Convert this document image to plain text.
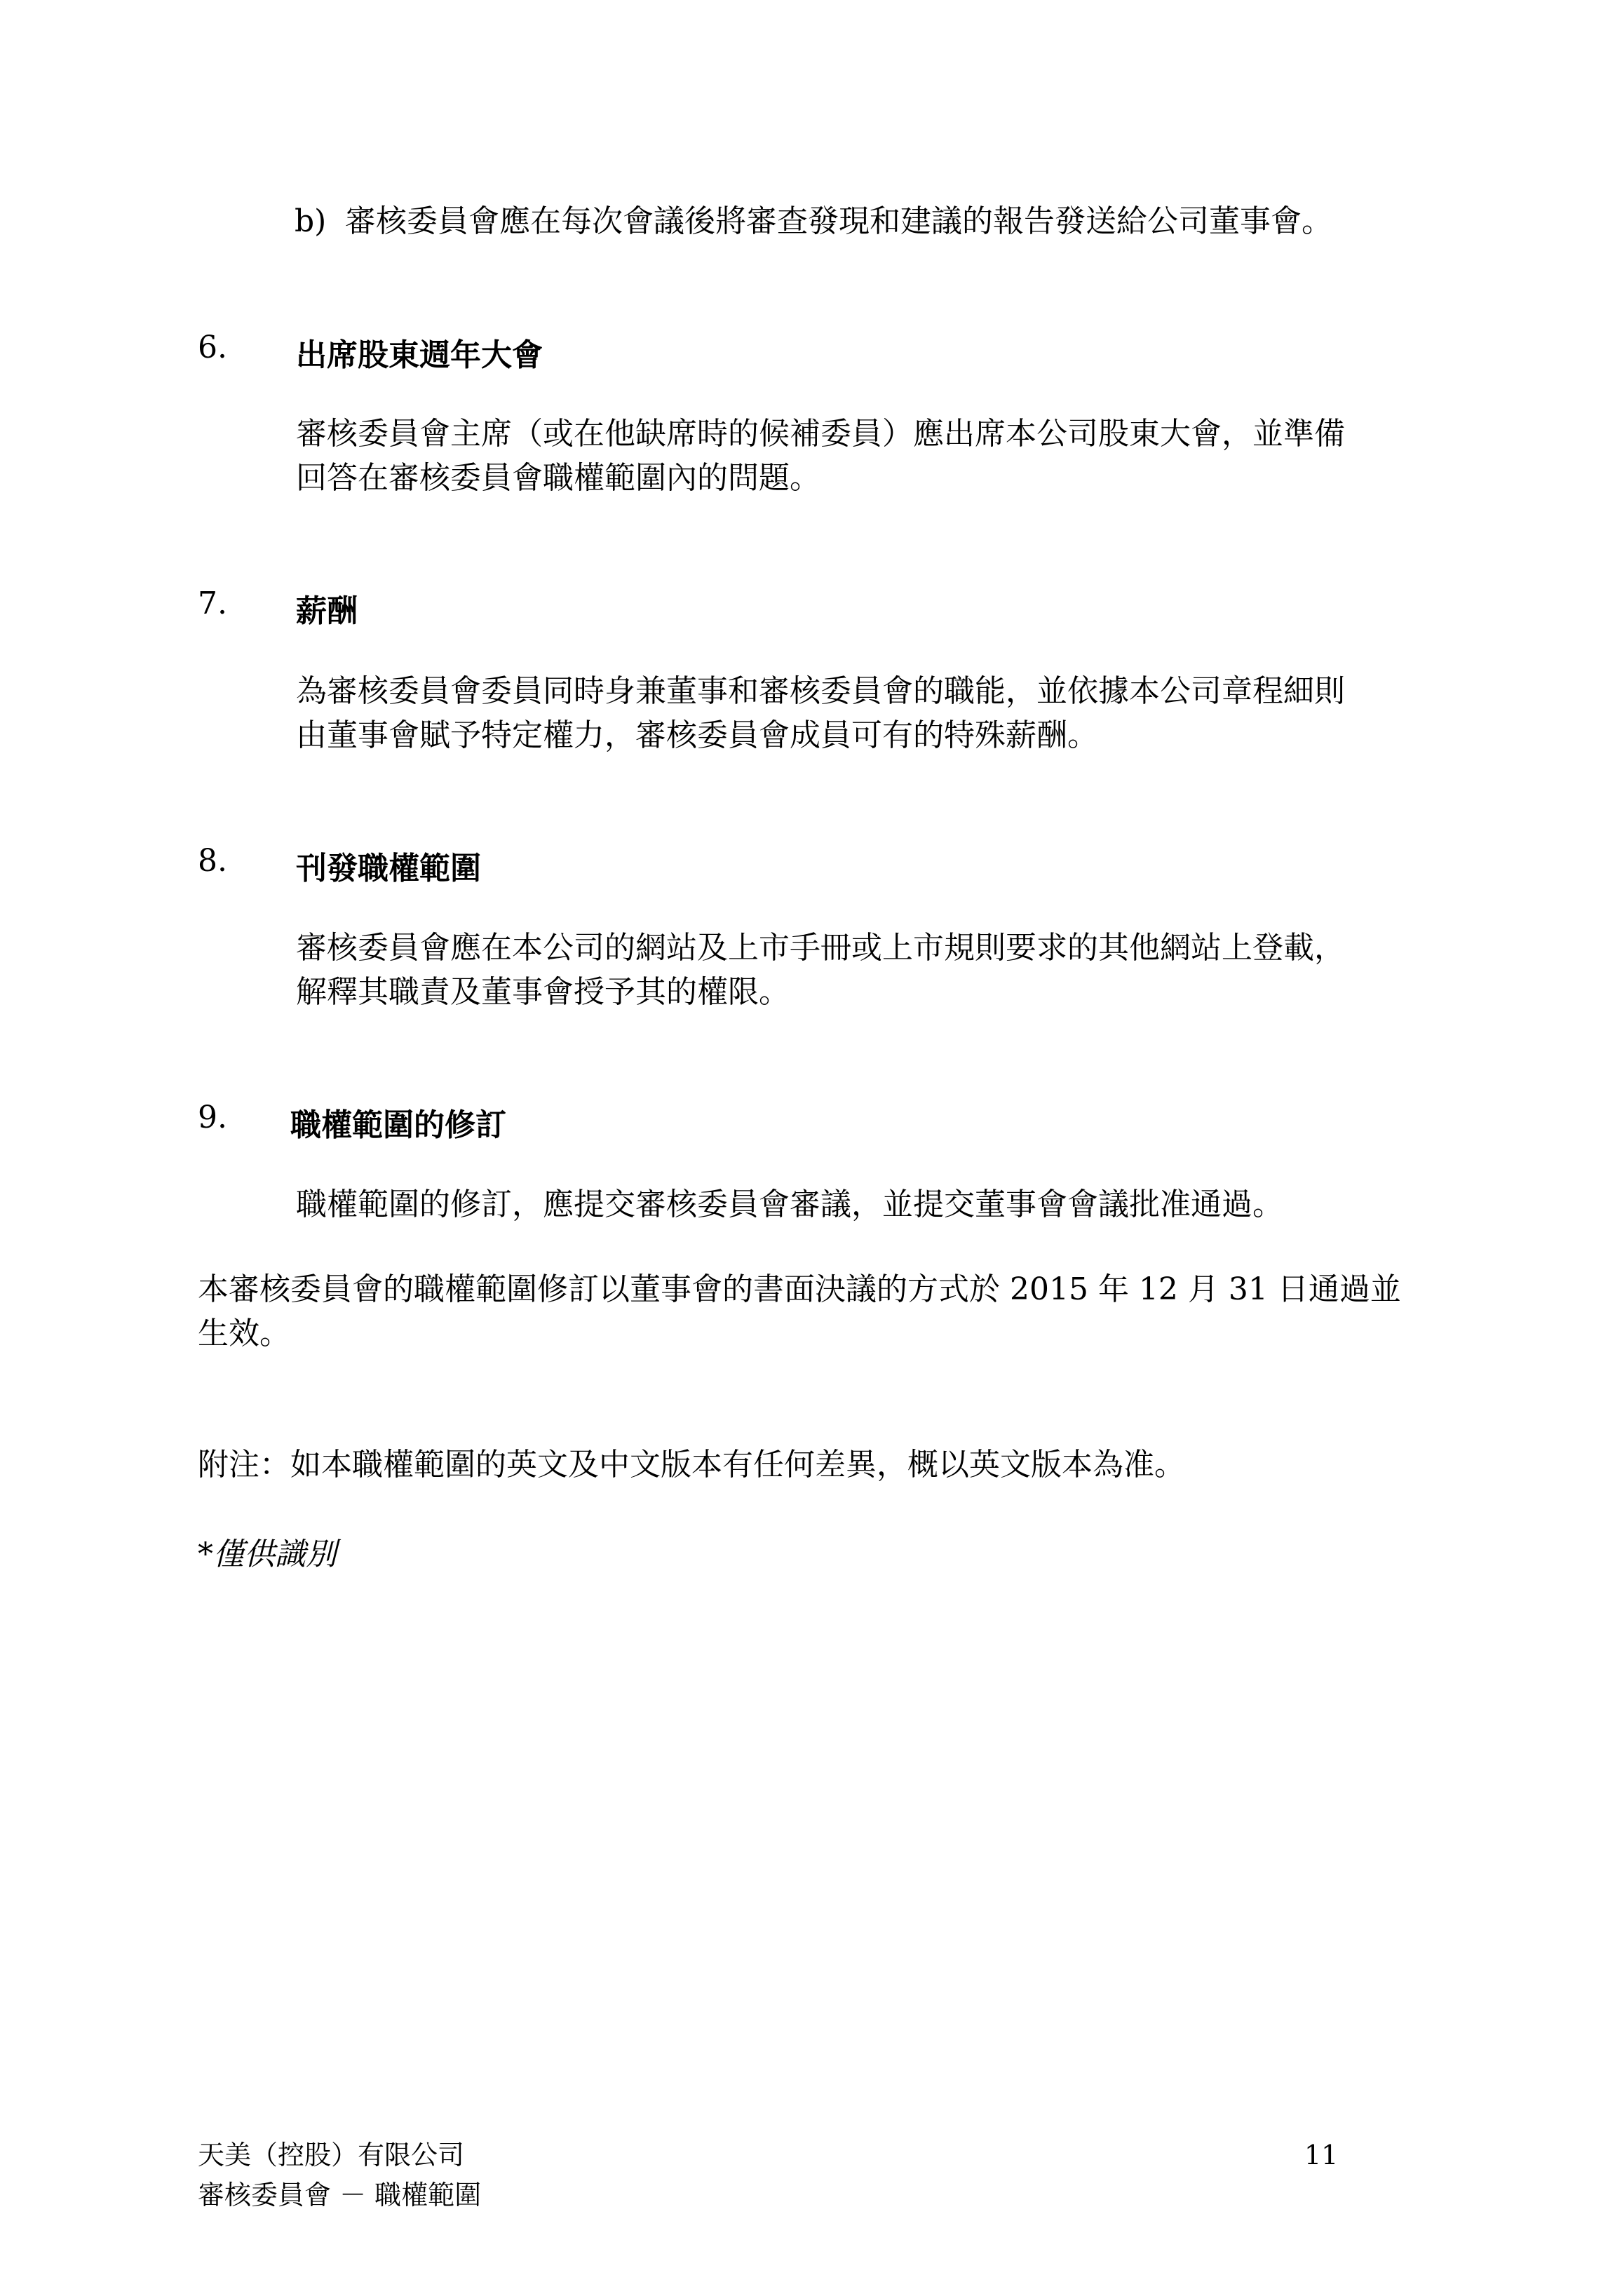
b) 審核委員會應在每次會議後將審查發現和建議的報告發送給公司董事會。
6. 出席股東週年大會
審核委員會主席（或在他缺席時的候補委員）應出席本公司股東大會，並準備
回答在審核委員會職權範圍內的問題。
7. 薪酬
為審核委員會委員同時身兼董事和審核委員會的職能，並依據本公司章程細則
由董事會賦予特定權力，審核委員會成員可有的特殊薪酬。
8. 刊發職權範圍
審核委員會應在本公司的網站及上市手冊或上市規則要求的其他網站上登載，
解釋其職責及董事會授予其的權限。
9. 職權範圍的修訂
職權範圍的修訂，應提交審核委員會審議，並提交董事會會議批准通過。
本審核委員會的職權範圍修訂以董事會的書面決議的方式於 2015 年 12 月 31 日通過並
生效。
附注：如本職權範圍的英文及中文版本有任何差異，概以英文版本為准。
*僅供識別
天美（控股）有限公司
審核委員會 － 職權範圍
11
